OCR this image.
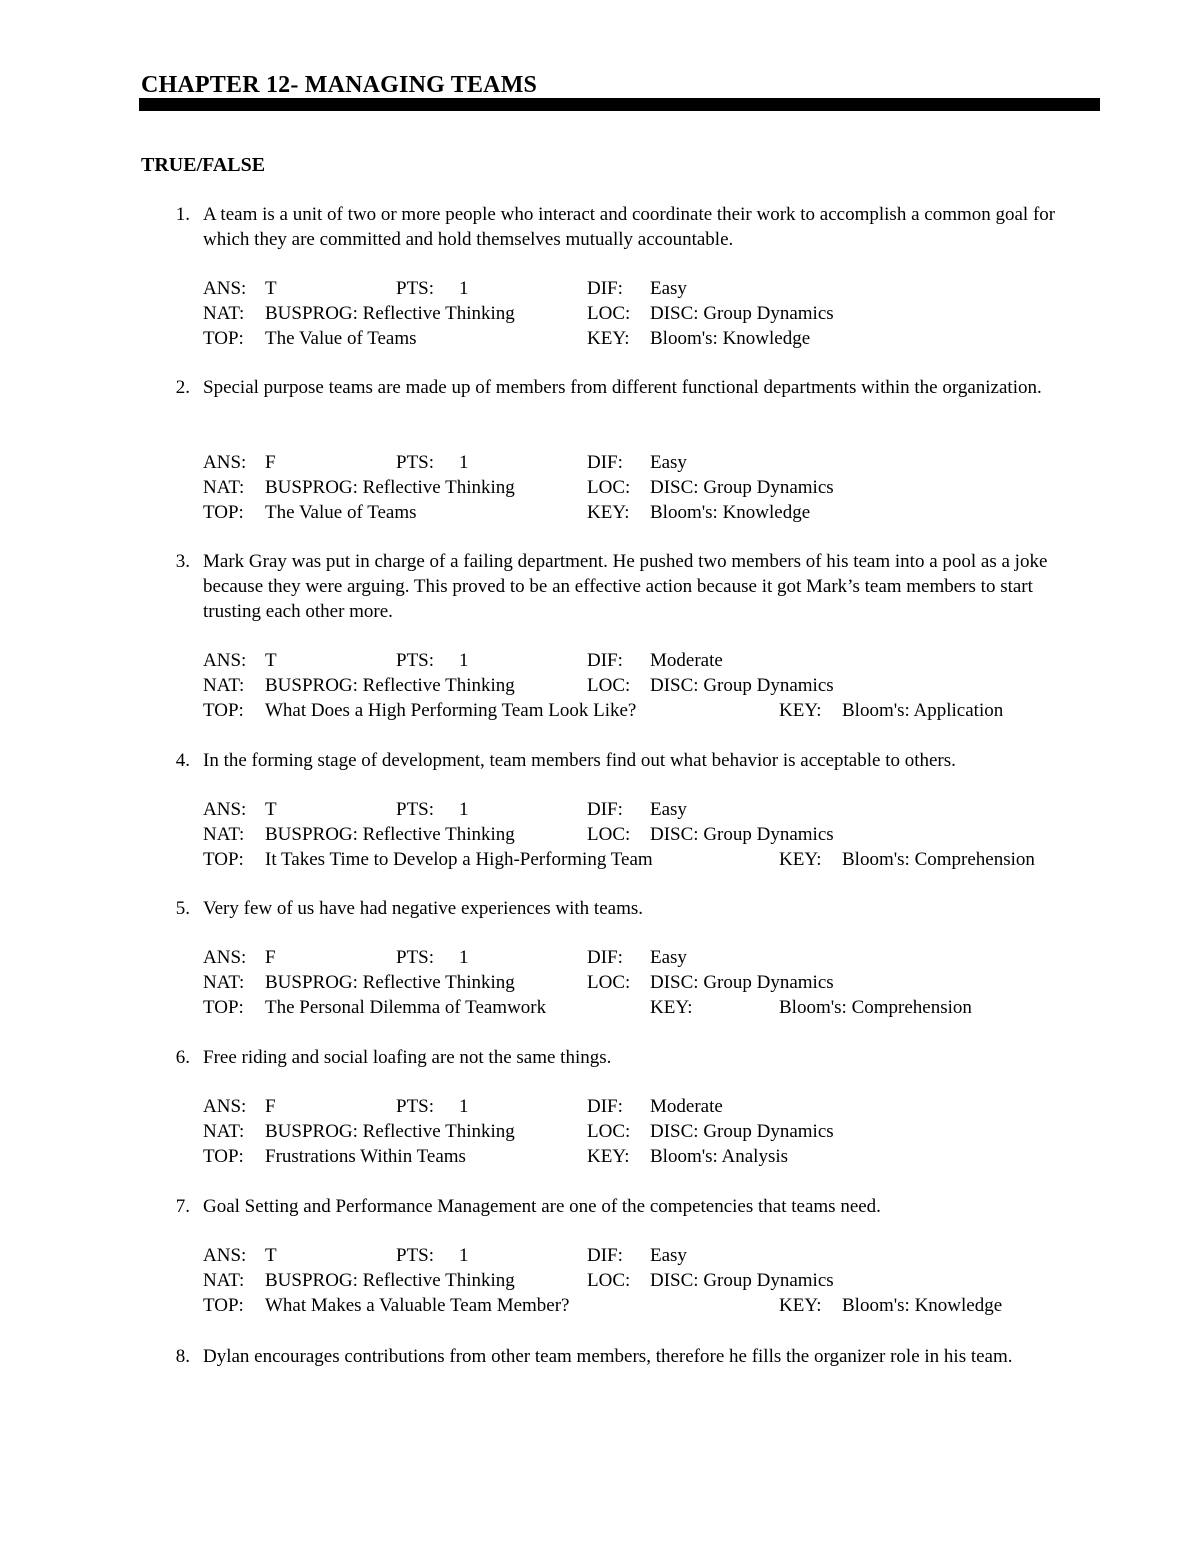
CHAPTER 12- MANAGING TEAMS
TRUE/FALSE
1. A team is a unit of two or more people who interact and coordinate their work to accomplish a common goal for which they are committed and hold themselves mutually accountable.
ANS: T	PTS: 1	DIF: Easy
NAT: BUSPROG: Reflective Thinking	LOC: DISC: Group Dynamics
TOP: The Value of Teams	KEY: Bloom's: Knowledge
2. Special purpose teams are made up of members from different functional departments within the organization.
ANS: F	PTS: 1	DIF: Easy
NAT: BUSPROG: Reflective Thinking	LOC: DISC: Group Dynamics
TOP: The Value of Teams	KEY: Bloom's: Knowledge
3. Mark Gray was put in charge of a failing department. He pushed two members of his team into a pool as a joke because they were arguing. This proved to be an effective action because it got Mark’s team members to start trusting each other more.
ANS: T	PTS: 1	DIF: Moderate
NAT: BUSPROG: Reflective Thinking	LOC: DISC: Group Dynamics
TOP: What Does a High Performing Team Look Like?	KEY: Bloom's: Application
4. In the forming stage of development, team members find out what behavior is acceptable to others.
ANS: T	PTS: 1	DIF: Easy
NAT: BUSPROG: Reflective Thinking	LOC: DISC: Group Dynamics
TOP: It Takes Time to Develop a High-Performing Team	KEY: Bloom's: Comprehension
5. Very few of us have had negative experiences with teams.
ANS: F	PTS: 1	DIF: Easy
NAT: BUSPROG: Reflective Thinking	LOC: DISC: Group Dynamics
TOP: The Personal Dilemma of Teamwork	KEY:	Bloom's: Comprehension
6. Free riding and social loafing are not the same things.
ANS: F	PTS: 1	DIF: Moderate
NAT: BUSPROG: Reflective Thinking	LOC: DISC: Group Dynamics
TOP: Frustrations Within Teams	KEY: Bloom's: Analysis
7. Goal Setting and Performance Management are one of the competencies that teams need.
ANS: T	PTS: 1	DIF: Easy
NAT: BUSPROG: Reflective Thinking	LOC: DISC: Group Dynamics
TOP: What Makes a Valuable Team Member?	KEY: Bloom's: Knowledge
8. Dylan encourages contributions from other team members, therefore he fills the organizer role in his team.
